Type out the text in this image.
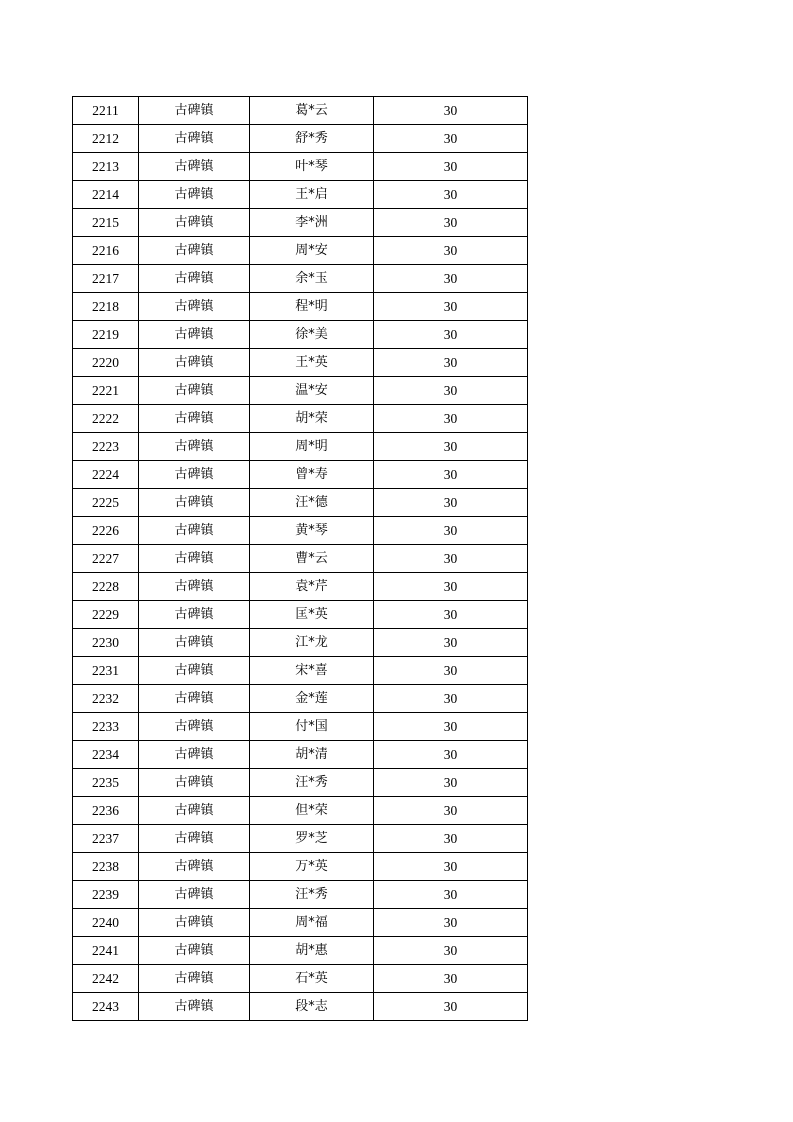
2211	古碑镇	葛*云	30
2212	古碑镇	舒*秀	30
2213	古碑镇	叶*琴	30
2214	古碑镇	王*启	30
2215	古碑镇	李*洲	30
2216	古碑镇	周*安	30
2217	古碑镇	余*玉	30
2218	古碑镇	程*明	30
2219	古碑镇	徐*美	30
2220	古碑镇	王*英	30
2221	古碑镇	温*安	30
2222	古碑镇	胡*荣	30
2223	古碑镇	周*明	30
2224	古碑镇	曾*寿	30
2225	古碑镇	汪*德	30
2226	古碑镇	黄*琴	30
2227	古碑镇	曹*云	30
2228	古碑镇	袁*芹	30
2229	古碑镇	匡*英	30
2230	古碑镇	江*龙	30
2231	古碑镇	宋*喜	30
2232	古碑镇	金*莲	30
2233	古碑镇	付*国	30
2234	古碑镇	胡*清	30
2235	古碑镇	汪*秀	30
2236	古碑镇	但*荣	30
2237	古碑镇	罗*芝	30
2238	古碑镇	万*英	30
2239	古碑镇	汪*秀	30
2240	古碑镇	周*福	30
2241	古碑镇	胡*惠	30
2242	古碑镇	石*英	30
2243	古碑镇	段*志	30
